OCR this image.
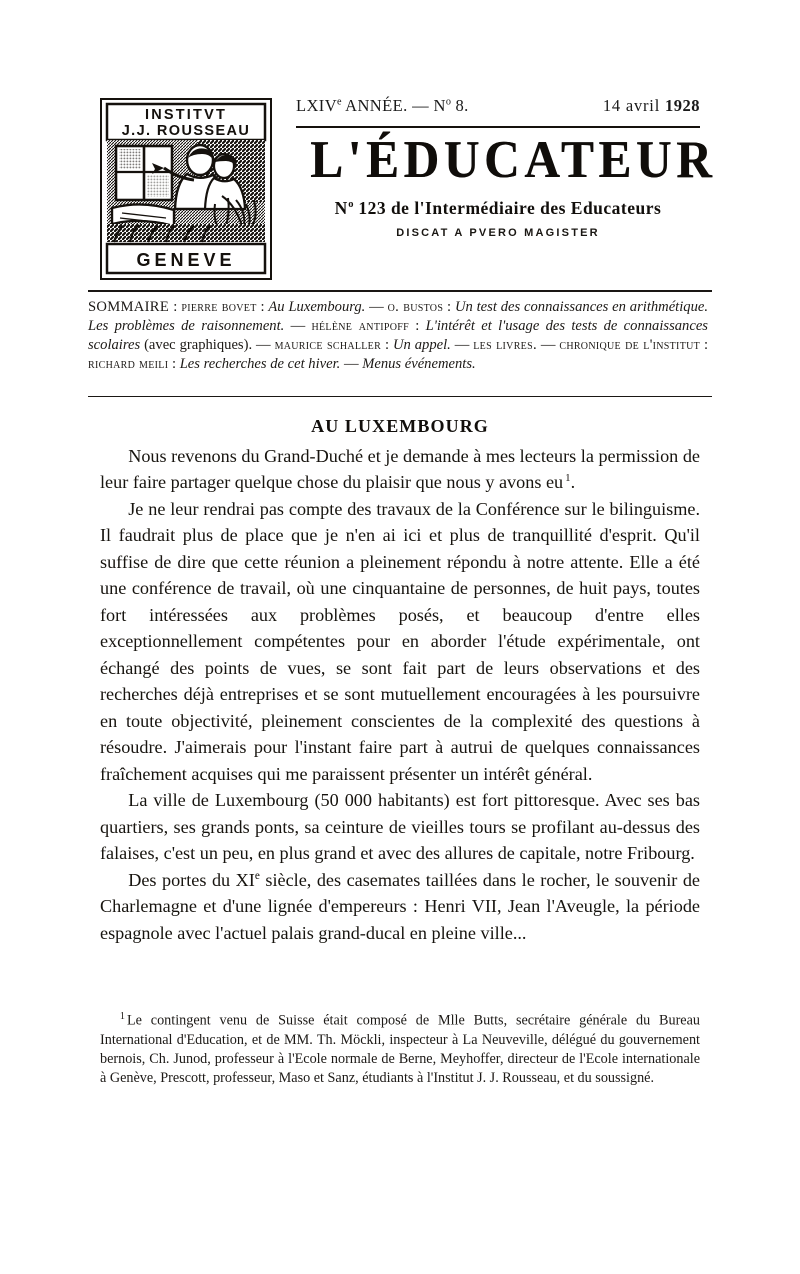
INSTITVT
J.J. ROUSSEAU
GENEVE
LXIVe ANNÉE. — $N^o$ 8.	14 avril 1928
L'ÉDUCATEUR
$N^o$ 123 de l'Intermédiaire des Educateurs
DISCAT A PVERO MAGISTER
SOMMAIRE : pierre bovet : Au Luxembourg. — o. bustos : Un test des connaissances en arithmétique. Les problèmes de raisonnement. — hélène antipoff : L'intérêt et l'usage des tests de connaissances scolaires (avec graphiques). — maurice schaller : Un appel. — les livres. — chronique de l'institut : richard meili : Les recherches de cet hiver. — Menus événements.
AU LUXEMBOURG

Nous revenons du Grand-Duché et je demande à mes lecteurs la permission de leur faire partager quelque chose du plaisir que nous y avons eu $^1$.

Je ne leur rendrai pas compte des travaux de la Conférence sur le bilinguisme. Il faudrait plus de place que je n'en ai ici et plus de tranquillité d'esprit. Qu'il suffise de dire que cette réunion a pleinement répondu à notre attente. Elle a été une conférence de travail, où une cinquantaine de personnes, de huit pays, toutes fort intéressées aux problèmes posés, et beaucoup d'entre elles exceptionnellement compétentes pour en aborder l'étude expérimentale, ont échangé des points de vues, se sont fait part de leurs observations et des recherches déjà entreprises et se sont mutuellement encouragées à les poursuivre en toute objectivité, pleinement conscientes de la complexité des questions à résoudre. J'aimerais pour l'instant faire part à autrui de quelques connaissances fraîchement acquises qui me paraissent présenter un intérêt général.

La ville de Luxembourg (50 000 habitants) est fort pittoresque. Avec ses bas quartiers, ses grands ponts, sa ceinture de vieilles tours se profilant au-dessus des falaises, c'est un peu, en plus grand et avec des allures de capitale, notre Fribourg.

Des portes du XIe siècle, des casemates taillées dans le rocher, le souvenir de Charlemagne et d'une lignée d'empereurs : Henri VII, Jean l'Aveugle, la période espagnole avec l'actuel palais grand-ducal en pleine ville...

$^1$ Le contingent venu de Suisse était composé de Mlle Butts, secrétaire générale du Bureau International d'Education, et de MM. Th. Möckli, inspecteur à La Neuveville, délégué du gouvernement bernois, Ch. Junod, professeur à l'Ecole normale de Berne, Meyhoffer, directeur de l'Ecole internationale à Genève, Prescott, professeur, Maso et Sanz, étudiants à l'Institut J. J. Rousseau, et du soussigné.
